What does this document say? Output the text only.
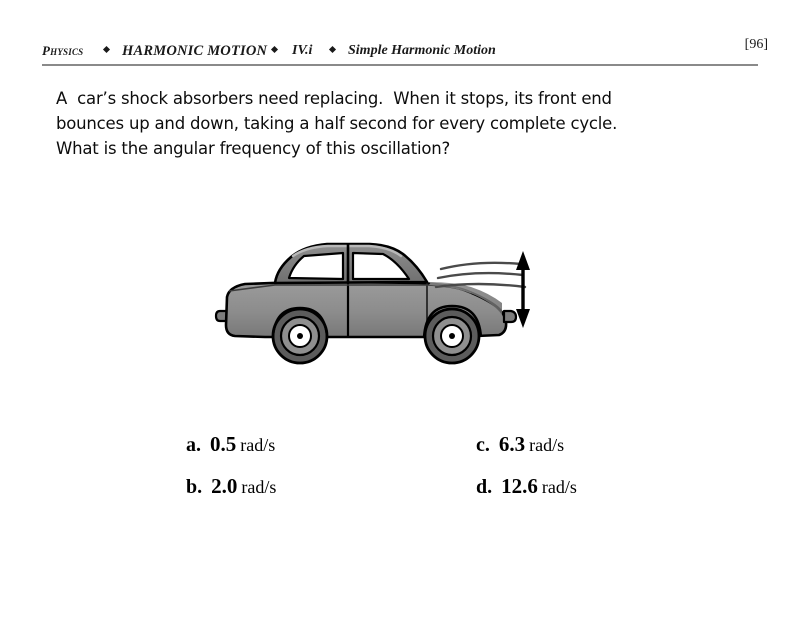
Physics	HARMONIC MOTION IV.i	Simple Harmonic Motion	[96]
A  car’s shock absorbers need replacing.  When it stops, its front end
bounces up and down, taking a half second for every complete cycle.
What is the angular frequency of this oscillation?
a. 0.5 rad/s	c. 6.3 rad/s
b. 2.0 rad/s	d. 12.6 rad/s
